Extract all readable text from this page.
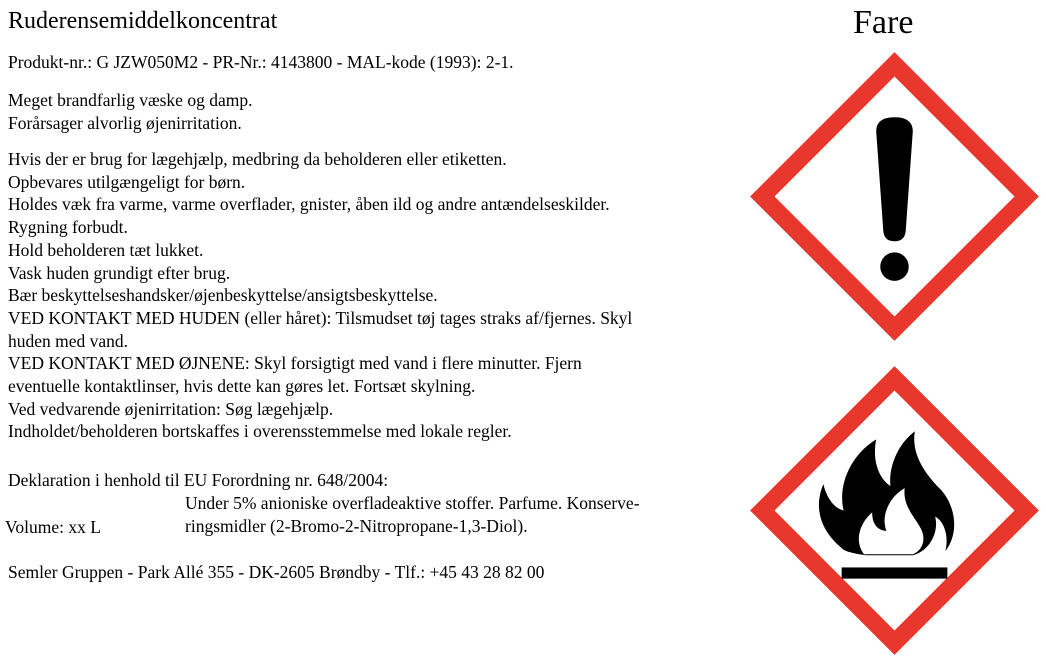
Ruderensemiddelkoncentrat	Fare
Produkt-nr.: G JZW050M2 - PR-Nr.: 4143800 - MAL-kode (1993): 2-1.
Meget brandfarlig væske og damp.
Forårsager alvorlig øjenirritation.
Hvis der er brug for lægehjælp, medbring da beholderen eller etiketten.
Opbevares utilgængeligt for børn.
Holdes væk fra varme, varme overflader, gnister, åben ild og andre antændelseskilder.
Rygning forbudt.
Hold beholderen tæt lukket.
Vask huden grundigt efter brug.
Bær beskyttelseshandsker/øjenbeskyttelse/ansigtsbeskyttelse.
VED KONTAKT MED HUDEN (eller håret): Tilsmudset tøj tages straks af/fjernes. Skyl
huden med vand.
VED KONTAKT MED ØJNENE: Skyl forsigtigt med vand i flere minutter. Fjern
eventuelle kontaktlinser, hvis dette kan gøres let. Fortsæt skylning.
Ved vedvarende øjenirritation: Søg lægehjælp.
Indholdet/beholderen bortskaffes i overensstemmelse med lokale regler.
Deklaration i henhold til EU Forordning nr. 648/2004:
Under 5% anioniske overfladeaktive stoffer. Parfume. Konserve-
ringsmidler (2-Bromo-2-Nitropropane-1,3-Diol).
Volume: xx L
Semler Gruppen - Park Allé 355 - DK-2605 Brøndby - Tlf.: +45 43 28 82 00
